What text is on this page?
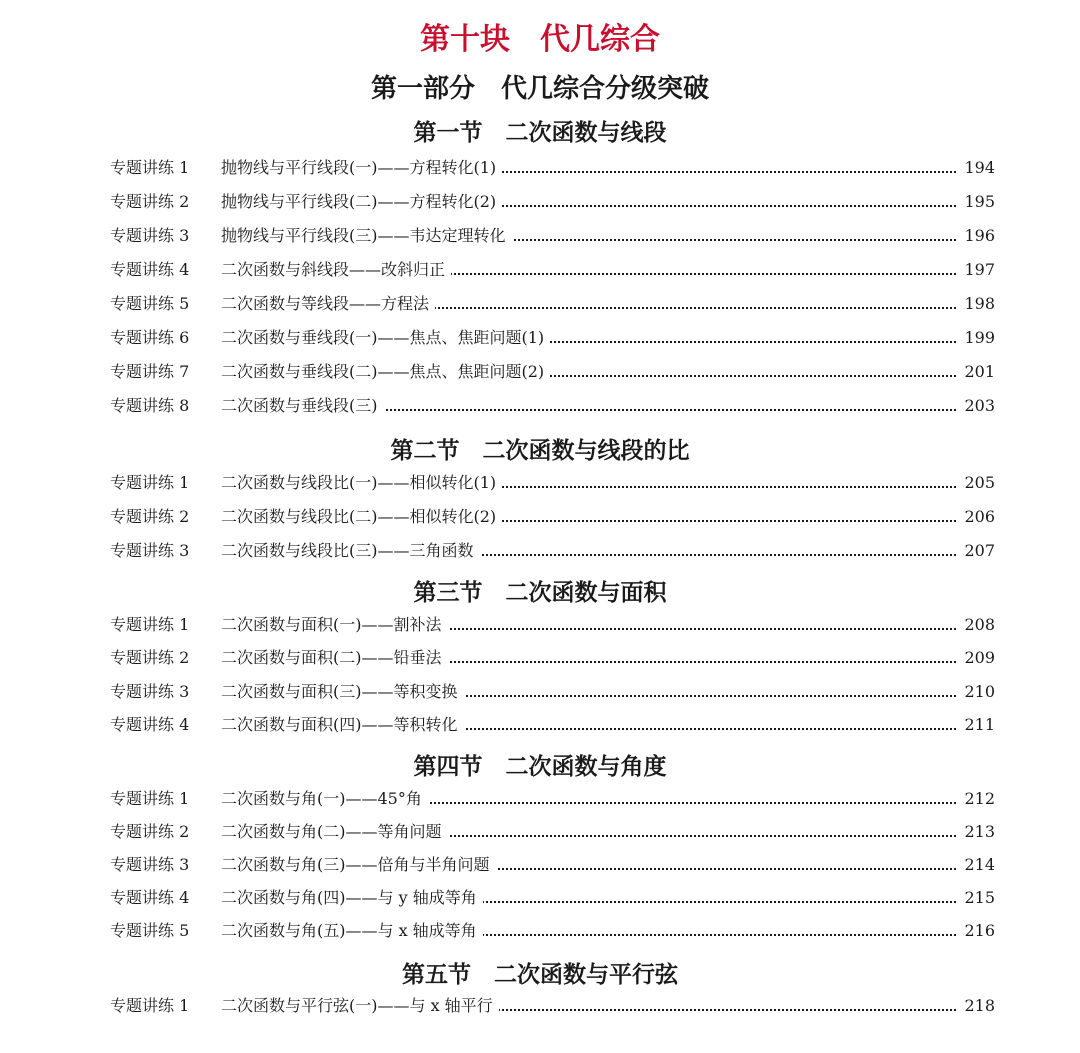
第十块　代几综合
第一部分　代几综合分级突破
第一节　二次函数与线段
专题讲练 1 抛物线与平行线段(一)——方程转化(1)	194
专题讲练 2 抛物线与平行线段(二)——方程转化(2)	195
专题讲练 3 抛物线与平行线段(三)——韦达定理转化	196
专题讲练 4 二次函数与斜线段——改斜归正	197
专题讲练 5 二次函数与等线段——方程法	198
专题讲练 6 二次函数与垂线段(一)——焦点、焦距问题(1)	199
专题讲练 7 二次函数与垂线段(二)——焦点、焦距问题(2)	201
专题讲练 8 二次函数与垂线段(三)	203
第二节　二次函数与线段的比
专题讲练 1 二次函数与线段比(一)——相似转化(1)	205
专题讲练 2 二次函数与线段比(二)——相似转化(2)	206
专题讲练 3 二次函数与线段比(三)——三角函数	207
第三节　二次函数与面积
专题讲练 1 二次函数与面积(一)——割补法	208
专题讲练 2 二次函数与面积(二)——铅垂法	209
专题讲练 3 二次函数与面积(三)——等积变换	210
专题讲练 4 二次函数与面积(四)——等积转化	211
第四节　二次函数与角度
专题讲练 1 二次函数与角(一)——45°角	212
专题讲练 2 二次函数与角(二)——等角问题	213
专题讲练 3 二次函数与角(三)——倍角与半角问题	214
专题讲练 4 二次函数与角(四)——与 y 轴成等角	215
专题讲练 5 二次函数与角(五)——与 x 轴成等角	216
第五节　二次函数与平行弦
专题讲练 1 二次函数与平行弦(一)——与 x 轴平行	218
